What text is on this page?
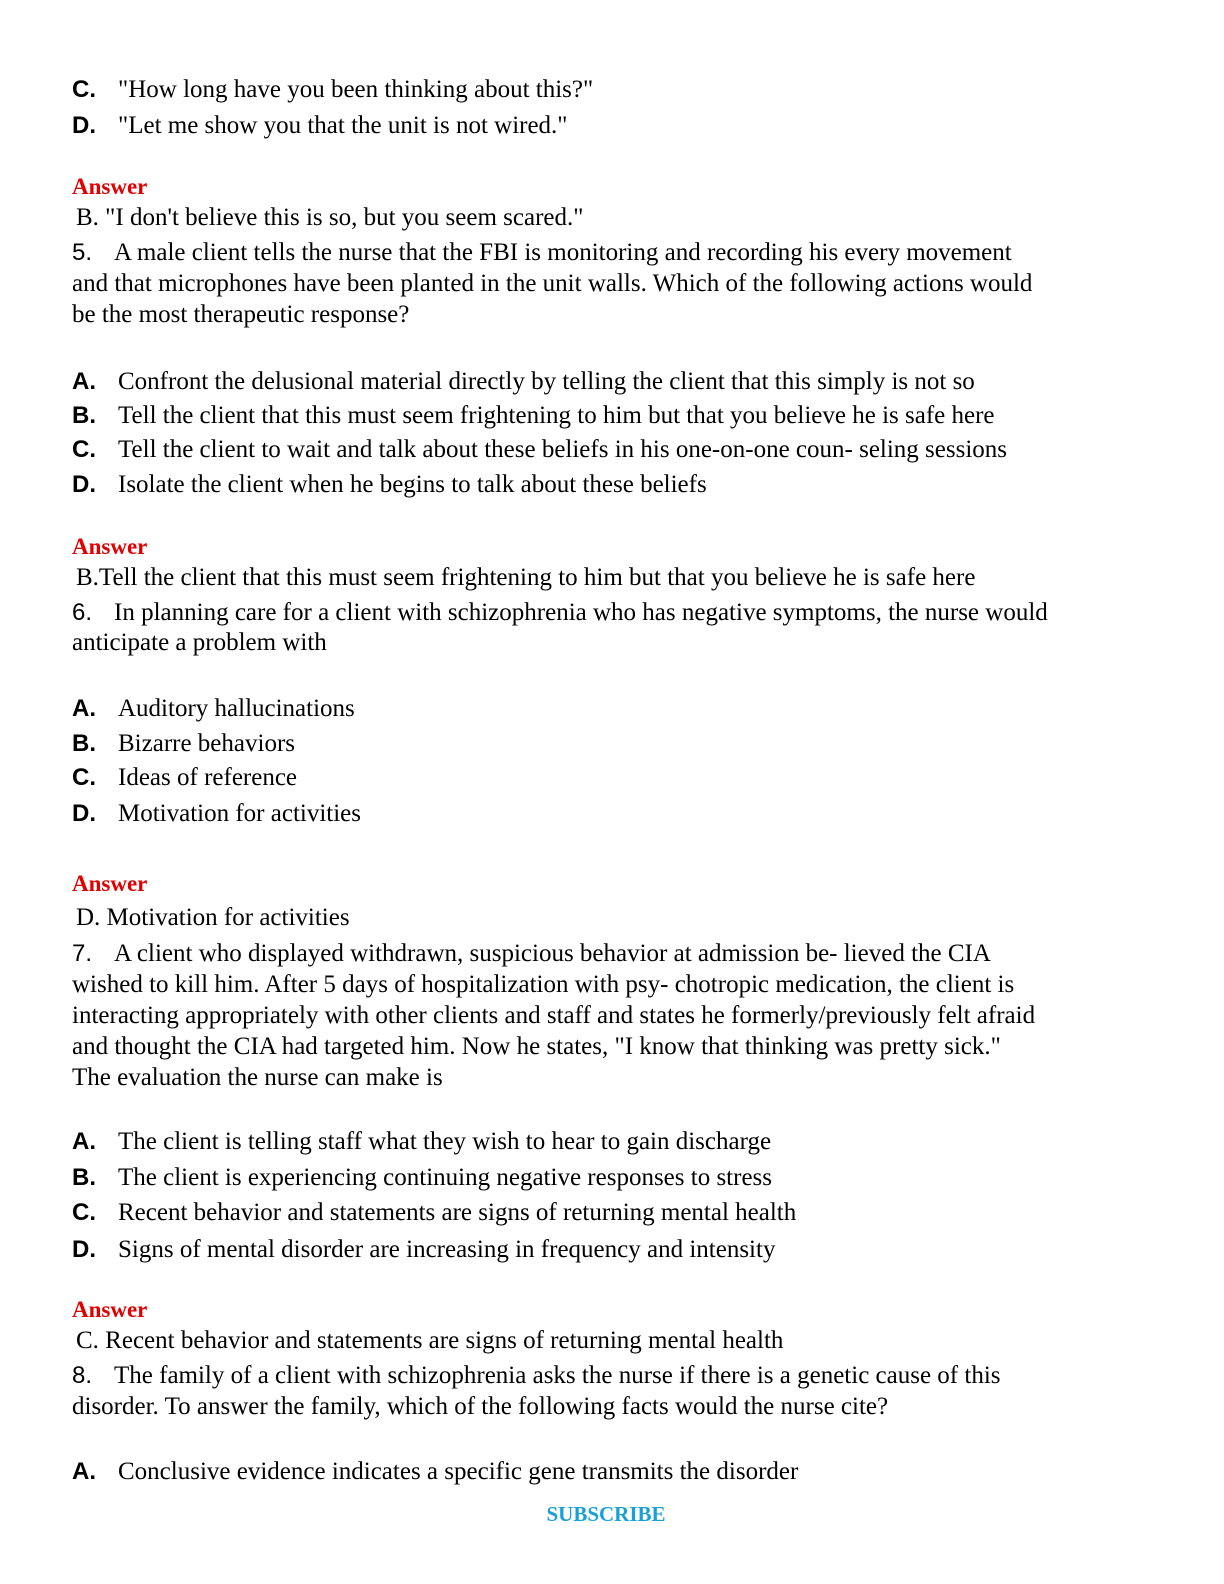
C. "How long have you been thinking about this?"
D. "Let me show you that the unit is not wired."
Answer
B. "I don't believe this is so, but you seem scared."
5. A male client tells the nurse that the FBI is monitoring and recording his every movement
and that microphones have been planted in the unit walls. Which of the following actions would
be the most therapeutic response?
A. Confront the delusional material directly by telling the client that this simply is not so
B. Tell the client that this must seem frightening to him but that you believe he is safe here
C. Tell the client to wait and talk about these beliefs in his one-on-one coun- seling sessions
D. Isolate the client when he begins to talk about these beliefs
Answer
B.Tell the client that this must seem frightening to him but that you believe he is safe here
6. In planning care for a client with schizophrenia who has negative symptoms, the nurse would
anticipate a problem with
A. Auditory hallucinations
B. Bizarre behaviors
C. Ideas of reference
D. Motivation for activities
Answer
D. Motivation for activities
7. A client who displayed withdrawn, suspicious behavior at admission be- lieved the CIA
wished to kill him. After 5 days of hospitalization with psy- chotropic medication, the client is
interacting appropriately with other clients and staff and states he formerly/previously felt afraid
and thought the CIA had targeted him. Now he states, "I know that thinking was pretty sick."
The evaluation the nurse can make is
A. The client is telling staff what they wish to hear to gain discharge
B. The client is experiencing continuing negative responses to stress
C. Recent behavior and statements are signs of returning mental health
D. Signs of mental disorder are increasing in frequency and intensity
Answer
C. Recent behavior and statements are signs of returning mental health
8. The family of a client with schizophrenia asks the nurse if there is a genetic cause of this
disorder. To answer the family, which of the following facts would the nurse cite?
A. Conclusive evidence indicates a specific gene transmits the disorder
SUBSCRIBE
